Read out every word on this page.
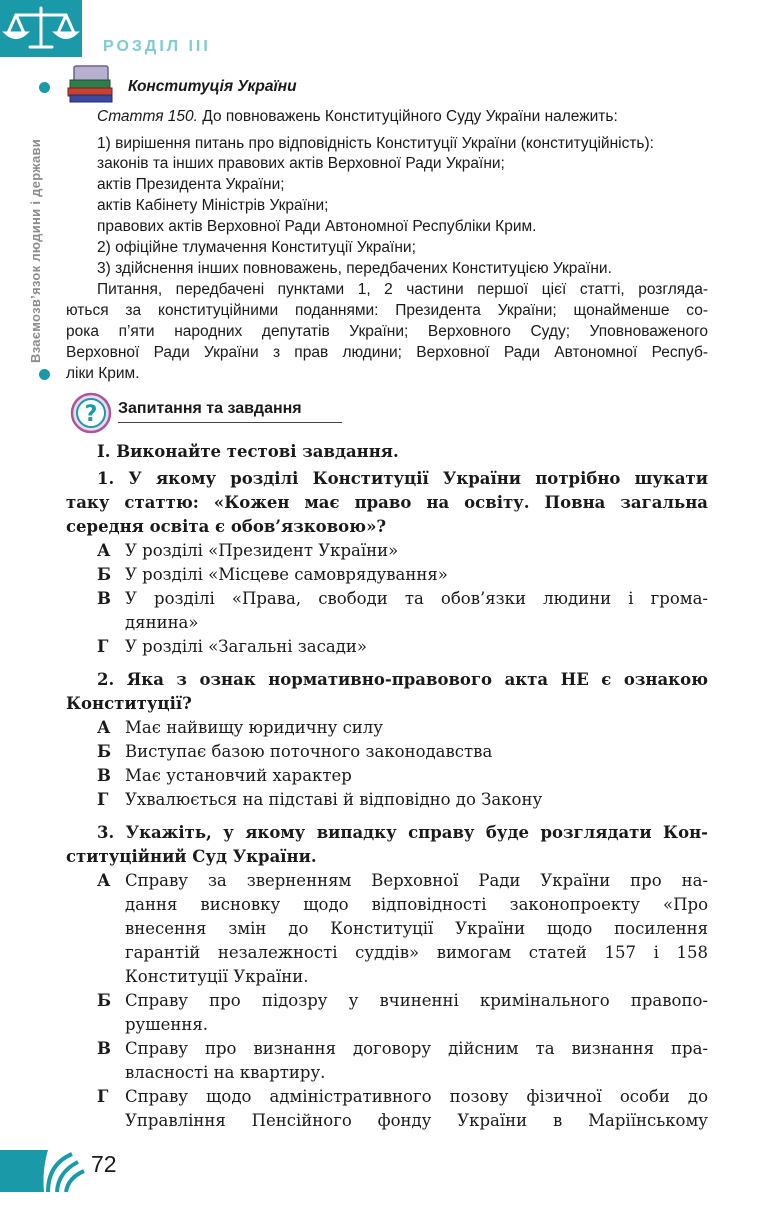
РОЗДІЛ ІІІ
Взаємозв’язок людини і держави
Конституція України
Стаття 150. До повноважень Конституційного Суду України належить:
1) вирішення питань про відповідність Конституції України (конституційність):
законів та інших правових актів Верховної Ради України;
актів Президента України;
актів Кабінету Міністрів України;
правових актів Верховної Ради Автономної Республіки Крим.
2) офіційне тлумачення Конституції України;
3) здійснення інших повноважень, передбачених Конституцією України.
Питання, передбачені пунктами 1, 2 частини першої цієї статті, розгляда-
ються за конституційними поданнями: Президента України; щонайменше со-
рока п’яти народних депутатів України; Верховного Суду; Уповноваженого
Верховної Ради України з прав людини; Верховної Ради Автономної Респуб-
ліки Крим.
? Запитання та завдання
І. Виконайте тестові завдання.
1. У якому розділі Конституції України потрібно шукати
таку статтю: «Кожен має право на освіту. Повна загальна
середня освіта є обов’язковою»?
А У розділі «Президент України»
Б У розділі «Місцеве самоврядування»
В У розділі «Права, свободи та обов’язки людини і грома-
дянина»
Г У розділі «Загальні засади»
2. Яка з ознак нормативно-правового акта НЕ є ознакою
Конституції?
А Має найвищу юридичну силу
Б Виступає базою поточного законодавства
В Має установчий характер
Г Ухвалюється на підставі й відповідно до Закону
3. Укажіть, у якому випадку справу буде розглядати Кон-
ституційний Суд України.
А Справу за зверненням Верховної Ради України про на-
дання висновку щодо відповідності законопроекту «Про
внесення змін до Конституції України щодо посилення
гарантій незалежності суддів» вимогам статей 157 і 158
Конституції України.
Б Справу про підозру у вчиненні кримінального правопо-
рушення.
В Справу про визнання договору дійсним та визнання пра-
власності на квартиру.
Г Справу щодо адміністративного позову фізичної особи до
Управління Пенсійного фонду України в Маріїнському
72
